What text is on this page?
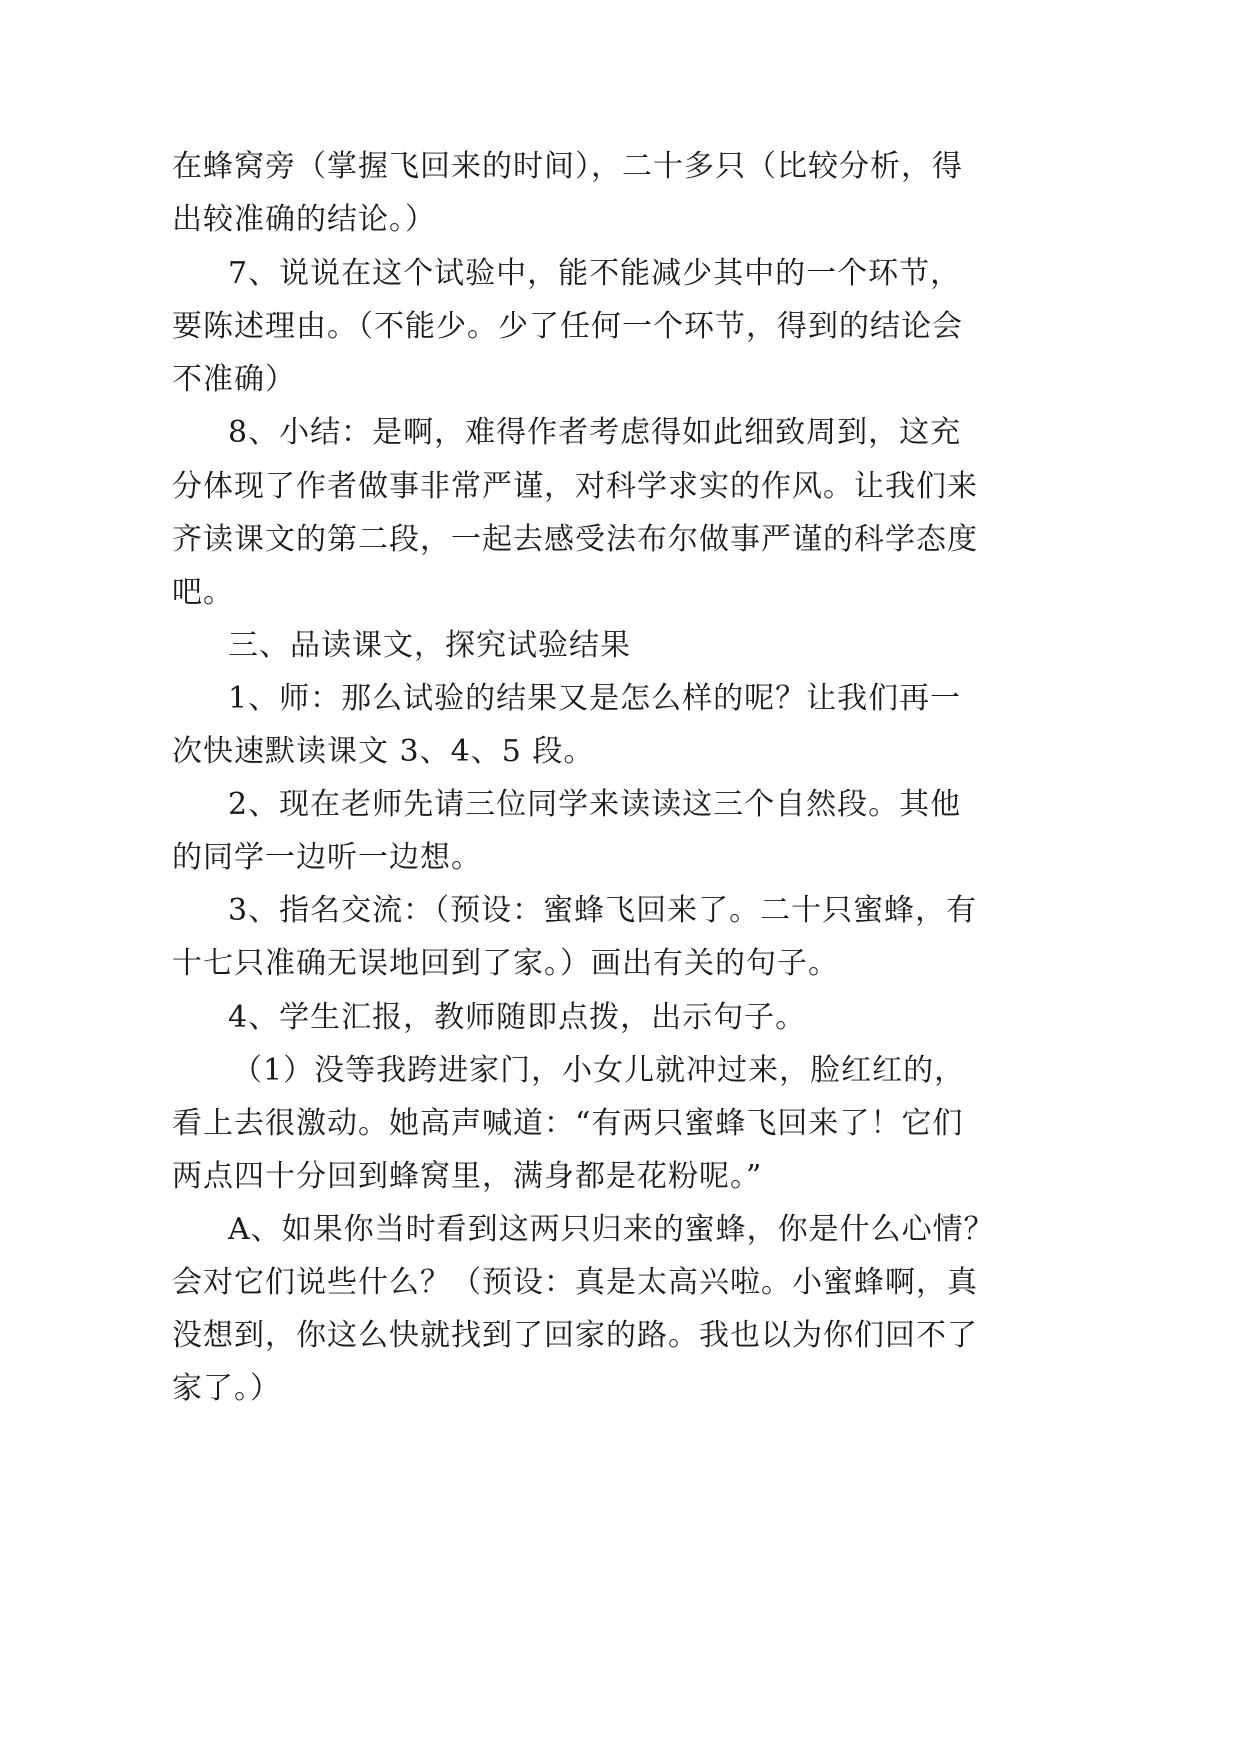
在蜂窝旁（掌握飞回来的时间），二十多只（比较分析，得
出较准确的结论。）
7、说说在这个试验中，能不能减少其中的一个环节，
要陈述理由。（不能少。少了任何一个环节，得到的结论会
不准确）
8、小结：是啊，难得作者考虑得如此细致周到，这充
分体现了作者做事非常严谨，对科学求实的作风。让我们来
齐读课文的第二段，一起去感受法布尔做事严谨的科学态度
吧。
三、品读课文，探究试验结果
1、师：那么试验的结果又是怎么样的呢？让我们再一
次快速默读课文 3、4、5 段。
2、现在老师先请三位同学来读读这三个自然段。其他
的同学一边听一边想。
3、指名交流：（预设：蜜蜂飞回来了。二十只蜜蜂，有
十七只准确无误地回到了家。）画出有关的句子。
4、学生汇报，教师随即点拨，出示句子。
（1）没等我跨进家门，小女儿就冲过来，脸红红的，
看上去很激动。她高声喊道：“有两只蜜蜂飞回来了！它们
两点四十分回到蜂窝里，满身都是花粉呢。”
A、如果你当时看到这两只归来的蜜蜂，你是什么心情？
会对它们说些什么？（预设：真是太高兴啦。小蜜蜂啊，真
没想到，你这么快就找到了回家的路。我也以为你们回不了
家了。）
